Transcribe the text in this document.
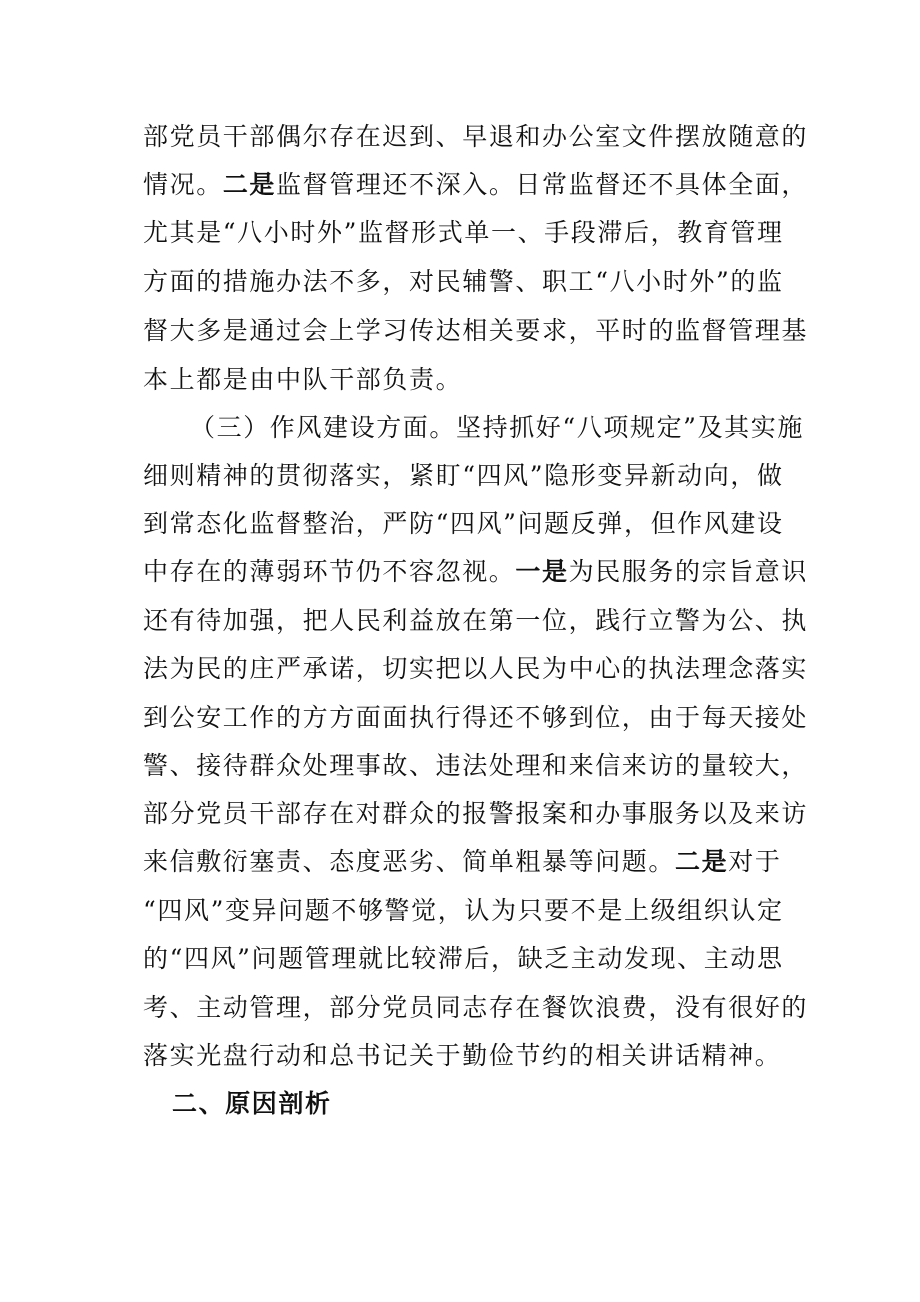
部党员干部偶尔存在迟到、早退和办公室文件摆放随意的
情况。二是监督管理还不深入。日常监督还不具体全面，
尤其是“八小时外”监督形式单一、手段滞后，教育管理
方面的措施办法不多，对民辅警、职工“八小时外”的监
督大多是通过会上学习传达相关要求，平时的监督管理基
本上都是由中队干部负责。
（三）作风建设方面。坚持抓好“八项规定”及其实施
细则精神的贯彻落实，紧盯“四风”隐形变异新动向，做
到常态化监督整治，严防“四风”问题反弹，但作风建设
中存在的薄弱环节仍不容忽视。一是为民服务的宗旨意识
还有待加强，把人民利益放在第一位，践行立警为公、执
法为民的庄严承诺，切实把以人民为中心的执法理念落实
到公安工作的方方面面执行得还不够到位，由于每天接处
警、接待群众处理事故、违法处理和来信来访的量较大，
部分党员干部存在对群众的报警报案和办事服务以及来访
来信敷衍塞责、态度恶劣、简单粗暴等问题。二是对于
“四风”变异问题不够警觉，认为只要不是上级组织认定
的“四风”问题管理就比较滞后，缺乏主动发现、主动思
考、主动管理，部分党员同志存在餐饮浪费，没有很好的
落实光盘行动和总书记关于勤俭节约的相关讲话精神。
二、原因剖析
